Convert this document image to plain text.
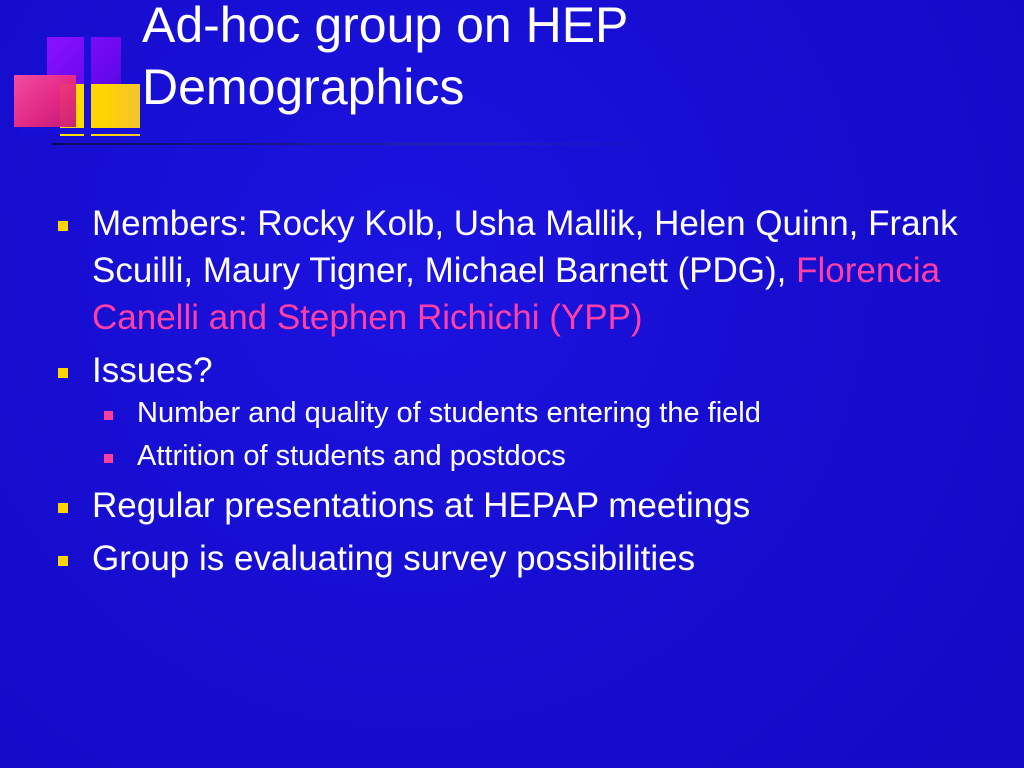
Ad-hoc group on HEP
Demographics
Members: Rocky Kolb, Usha Mallik, Helen Quinn, Frank Scuilli, Maury Tigner, Michael Barnett (PDG), Florencia Canelli and Stephen Richichi (YPP)
Issues?
Number and quality of students entering the field
Attrition of students and postdocs
Regular presentations at HEPAP meetings
Group is evaluating survey possibilities
